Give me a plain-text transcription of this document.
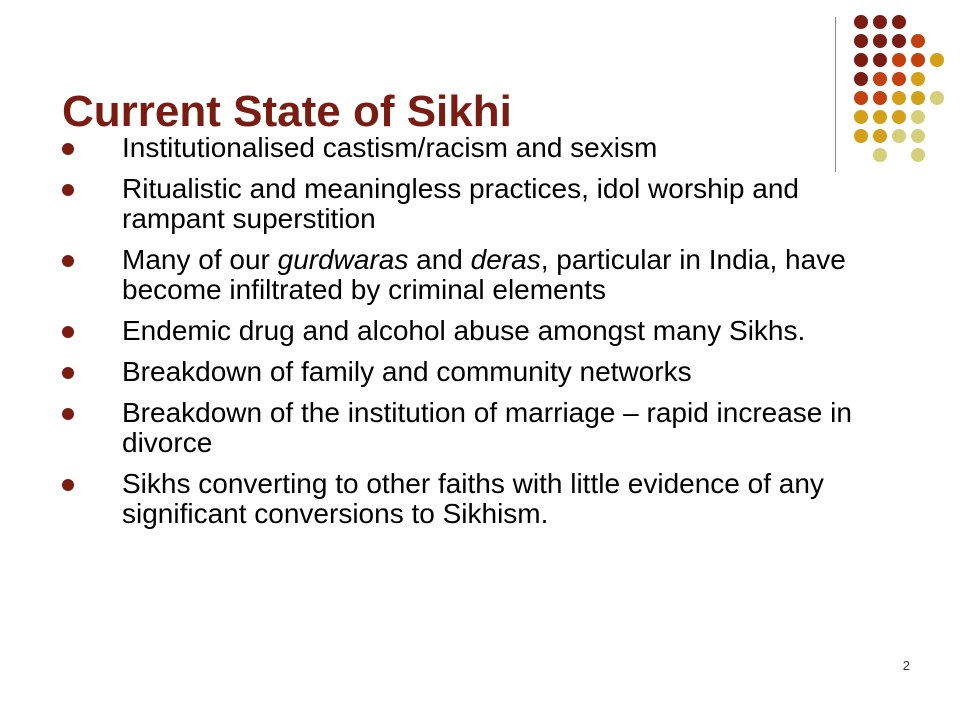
Current State of Sikhi
Institutionalised castism/racism and sexism
Ritualistic and meaningless practices, idol worship and rampant superstition
Many of our gurdwaras and deras, particular in India, have become infiltrated by criminal elements
Endemic drug and alcohol abuse amongst many Sikhs.
Breakdown of family and community networks
Breakdown of the institution of marriage – rapid increase in divorce
Sikhs converting to other faiths with little evidence of any significant conversions to Sikhism.
2
